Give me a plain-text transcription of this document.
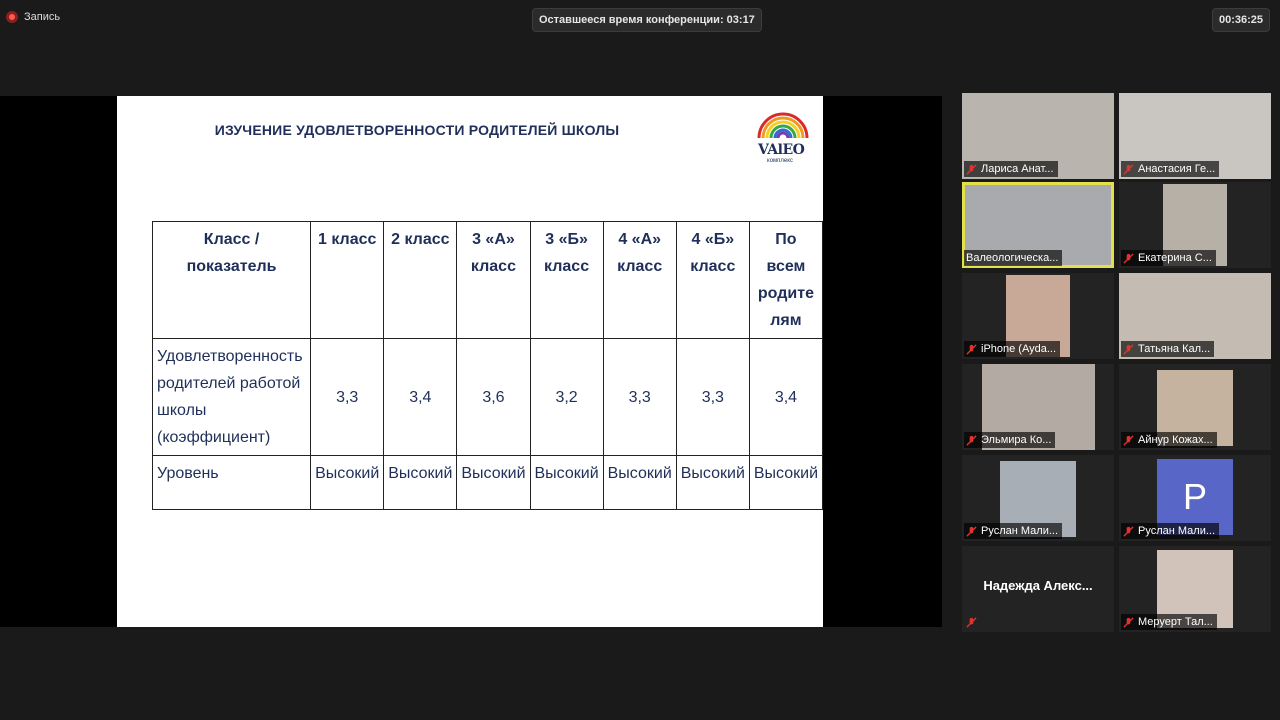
Запись	Оставшееся время конференции: 03:17	00:36:25
ИЗУЧЕНИЕ УДОВЛЕТВОРЕННОСТИ РОДИТЕЛЕЙ ШКОЛЫ
VAlEO
комплекс
Класс / показатель	1 класс	2 класс	3 «А» класс	3 «Б» класс	4 «А» класс	4 «Б» класс	По всем родите лям
Удовлетворенность родителей работой школы (коэффициент)	3,3	3,4	3,6	3,2	3,3	3,3	3,4
Уровень	Высокий	Высокий	Высокий	Высокий	Высокий	Высокий	Высокий
Лариса Анат...	Анастасия Ге...
Валеологическа...	Екатерина С...
iPhone (Ayda...	Татьяна Кал...
Эльмира Ко...	Айнур Кожах...
Руслан Мали...
P
Руслан Мали...
Надежда Алекс...
Меруерт Тал...
